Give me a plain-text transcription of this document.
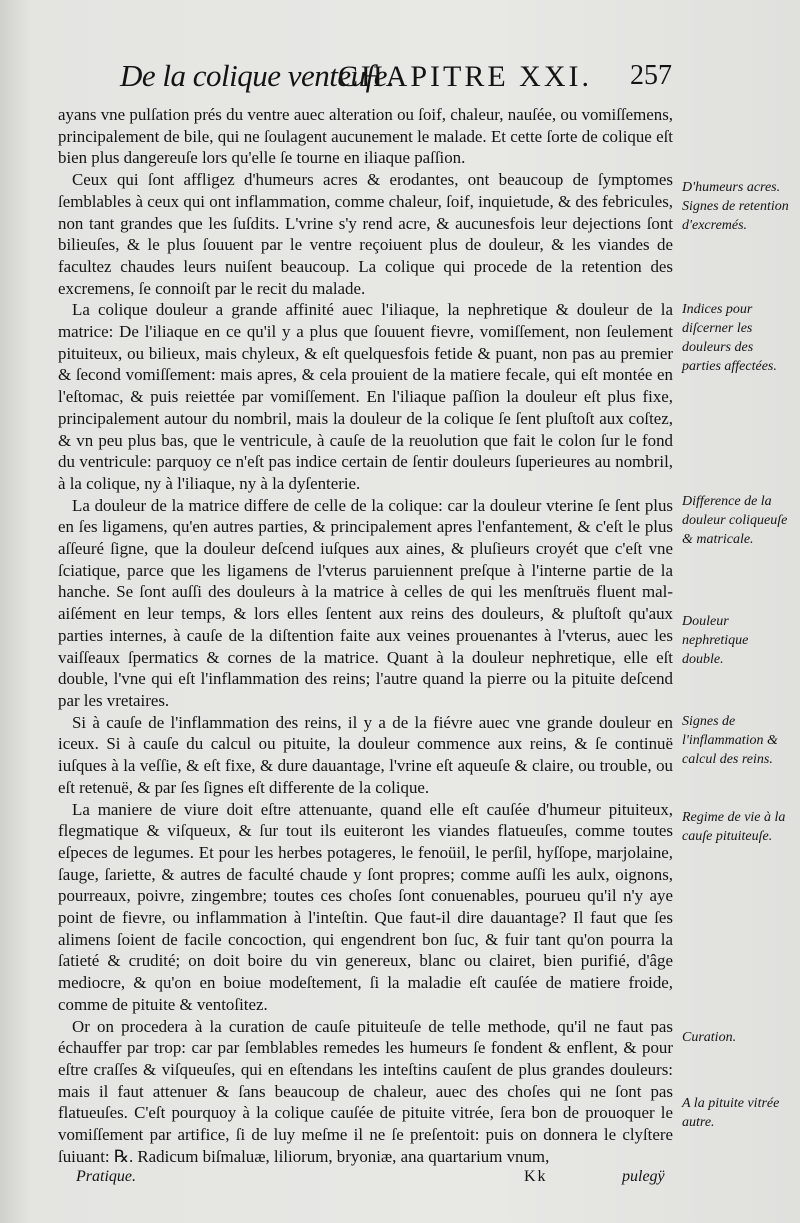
De la colique venteuſe.
CHAPITRE XXI. 257

ayans vne pulſation prés du ventre auec alteration ou ſoif, chaleur, nauſée, ou vomiſſemens, principalement de bile, qui ne ſoulagent aucunement le malade. Et cette ſorte de colique eſt bien plus dangereuſe lors qu'elle ſe tourne en iliaque paſſion.

Ceux qui ſont affligez d'humeurs acres & erodantes, ont beaucoup de ſymptomes ſemblables à ceux qui ont inflammation, comme chaleur, ſoif, inquietude, & des febricules, non tant grandes que les ſuſdits. L'vrine s'y rend acre, & aucunesfois leur dejections ſont bilieuſes, & le plus ſouuent par le ventre reçoiuent plus de douleur, & les viandes de facultez chaudes leurs nuiſent beaucoup. La colique qui procede de la retention des excremens, ſe connoiſt par le recit du malade.

La colique douleur a grande affinité auec l'iliaque, la nephretique & douleur de la matrice: De l'iliaque en ce qu'il y a plus que ſouuent fievre, vomiſſement, non ſeulement pituiteux, ou bilieux, mais chyleux, & eſt quelquesfois fetide & puant, non pas au premier & ſecond vomiſſement: mais apres, & cela prouient de la matiere fecale, qui eſt montée en l'eſtomac, & puis reiettée par vomiſſement. En l'iliaque paſſion la douleur eſt plus fixe, principalement autour du nombril, mais la douleur de la colique ſe ſent pluſtoſt aux coſtez, & vn peu plus bas, que le ventricule, à cauſe de la reuolution que fait le colon ſur le fond du ventricule: parquoy ce n'eſt pas indice certain de ſentir douleurs ſuperieures au nombril, à la colique, ny à l'iliaque, ny à la dyſenterie.

La douleur de la matrice differe de celle de la colique: car la douleur vterine ſe ſent plus en ſes ligamens, qu'en autres parties, & principalement apres l'enfantement, & c'eſt le plus aſſeuré ſigne, que la douleur deſcend iuſques aux aines, & pluſieurs croyét que c'eſt vne ſciatique, parce que les ligamens de l'vterus paruiennent preſque à l'interne partie de la hanche. Se ſont auſſi des douleurs à la matrice à celles de qui les menſtruës fluent mal-aiſément en leur temps, & lors elles ſentent aux reins des douleurs, & pluſtoſt qu'aux parties internes, à cauſe de la diſtention faite aux veines prouenantes à l'vterus, auec les vaiſſeaux ſpermatics & cornes de la matrice. Quant à la douleur nephretique, elle eſt double, l'vne qui eſt l'inflammation des reins; l'autre quand la pierre ou la pituite deſcend par les vretaires.

Si à cauſe de l'inflammation des reins, il y a de la fiévre auec vne grande douleur en iceux. Si à cauſe du calcul ou pituite, la douleur commence aux reins, & ſe continuë iuſques à la veſſie, & eſt fixe, & dure dauantage, l'vrine eſt aqueuſe & claire, ou trouble, ou eſt retenuë, & par ſes ſignes eſt differente de la colique.

La maniere de viure doit eſtre attenuante, quand elle eſt cauſée d'humeur pituiteux, flegmatique & viſqueux, & ſur tout ils euiteront les viandes flatueuſes, comme toutes eſpeces de legumes. Et pour les herbes potageres, le fenoüil, le perſil, hyſſope, marjolaine, ſauge, ſariette, & autres de faculté chaude y ſont propres; comme auſſi les aulx, oignons, pourreaux, poivre, zingembre; toutes ces choſes ſont conuenables, pourueu qu'il n'y aye point de fievre, ou inflammation à l'inteſtin. Que faut-il dire dauantage? Il faut que ſes alimens ſoient de facile concoction, qui engendrent bon ſuc, & fuir tant qu'on pourra la ſatieté & crudité; on doit boire du vin genereux, blanc ou clairet, bien purifié, d'âge mediocre, & qu'on en boiue modeſtement, ſi la maladie eſt cauſée de matiere froide, comme de pituite & ventoſitez.

Or on procedera à la curation de cauſe pituiteuſe de telle methode, qu'il ne faut pas échauffer par trop: car par ſemblables remedes les humeurs ſe fondent & enflent, & pour eſtre craſſes & viſqueuſes, qui en eſtendans les inteſtins cauſent de plus grandes douleurs: mais il faut attenuer & ſans beaucoup de chaleur, auec des choſes qui ne ſont pas flatueuſes. C'eſt pourquoy à la colique cauſée de pituite vitrée, ſera bon de prouoquer le vomiſſement par artifice, ſi de luy meſme il ne ſe preſentoit: puis on donnera le clyſtere ſuiuant: ℞. Radicum biſmaluæ, liliorum, bryoniæ, ana quartarium vnum,

D'humeurs acres. Signes de retention d'excremés.
Indices pour diſcerner les douleurs des parties affectées.
Difference de la douleur coliqueuſe & matricale.
Douleur nephretique double.
Signes de l'inflammation & calcul des reins.
Regime de vie à la cauſe pituiteuſe.
Curation.
A la pituite vitrée autre.
Pratique.	Kk	pulegÿ
